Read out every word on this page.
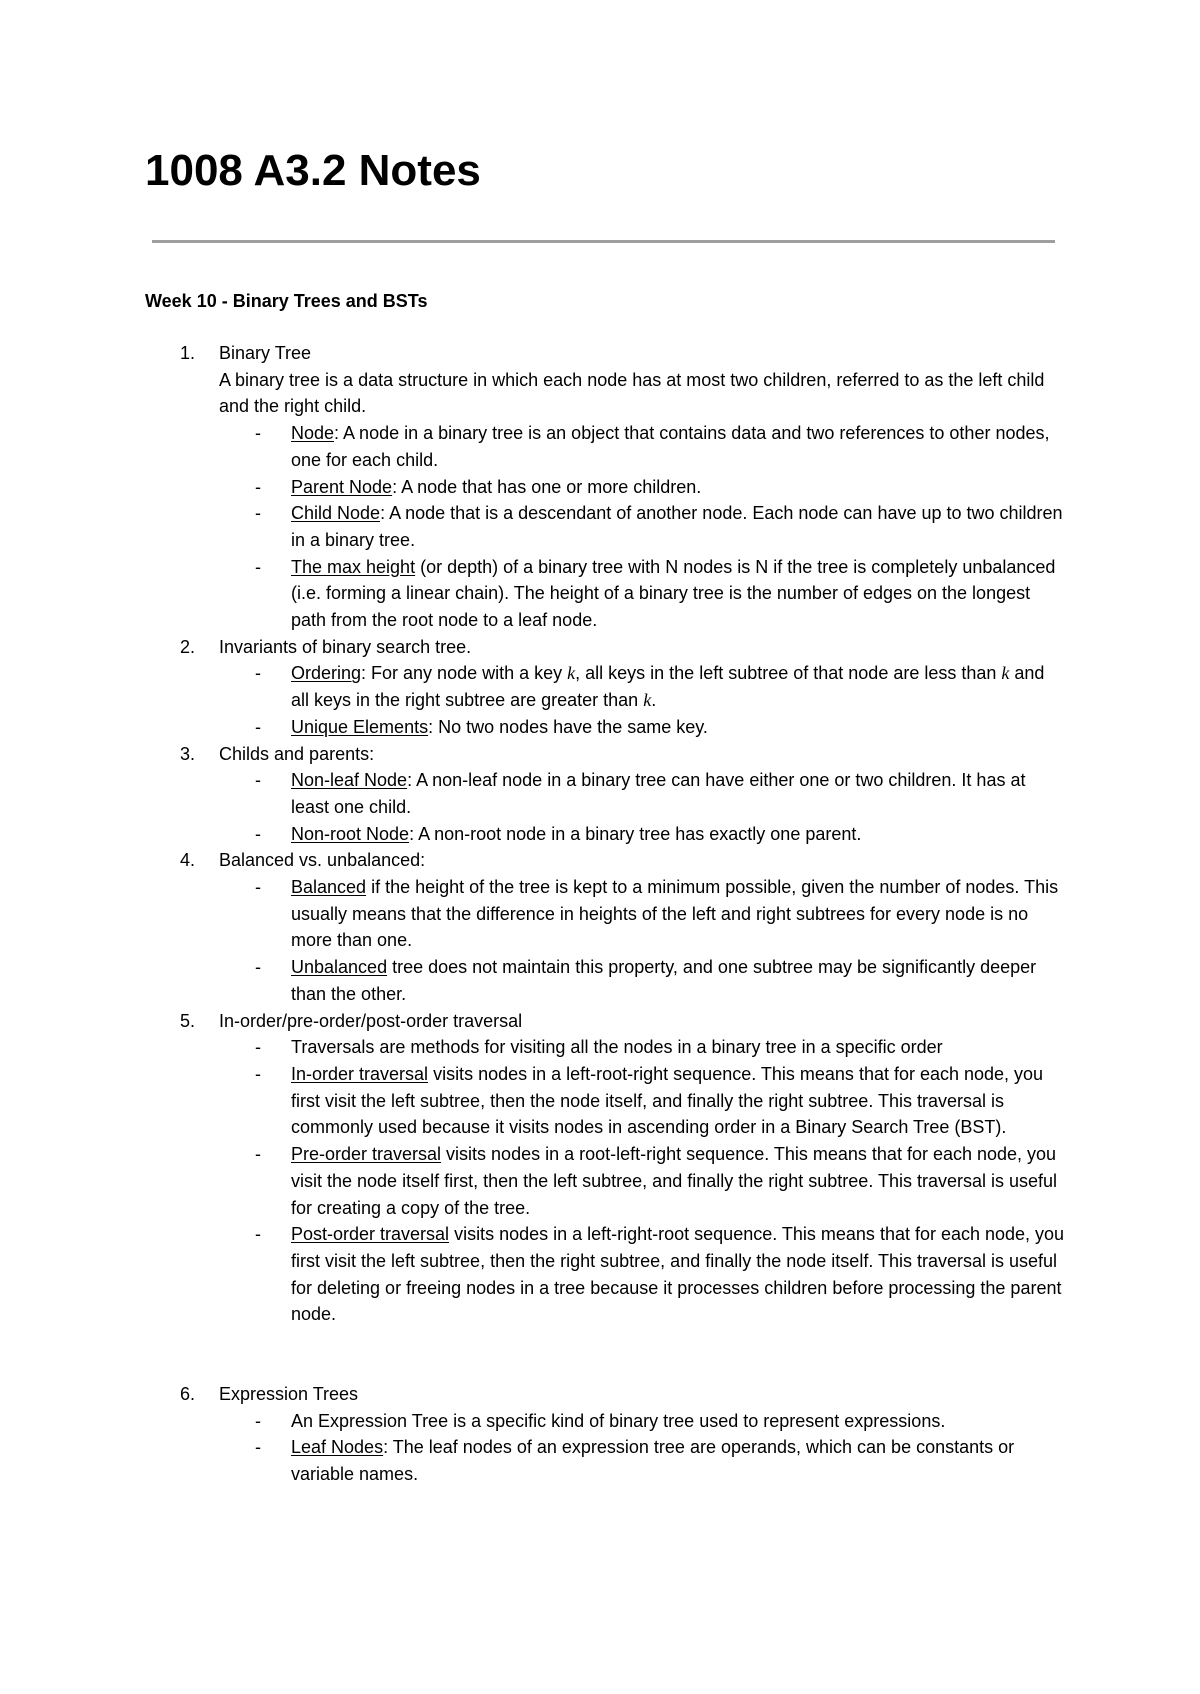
1008 A3.2 Notes
Week 10 - Binary Trees and BSTs
1. Binary Tree
A binary tree is a data structure in which each node has at most two children, referred to as the left child and the right child.
- Node: A node in a binary tree is an object that contains data and two references to other nodes, one for each child.
- Parent Node: A node that has one or more children.
- Child Node: A node that is a descendant of another node. Each node can have up to two children in a binary tree.
- The max height (or depth) of a binary tree with N nodes is N if the tree is completely unbalanced (i.e. forming a linear chain). The height of a binary tree is the number of edges on the longest path from the root node to a leaf node.
2. Invariants of binary search tree.
- Ordering: For any node with a key k, all keys in the left subtree of that node are less than k and all keys in the right subtree are greater than k.
- Unique Elements: No two nodes have the same key.
3. Childs and parents:
- Non-leaf Node: A non-leaf node in a binary tree can have either one or two children. It has at least one child.
- Non-root Node: A non-root node in a binary tree has exactly one parent.
4. Balanced vs. unbalanced:
- Balanced if the height of the tree is kept to a minimum possible, given the number of nodes. This usually means that the difference in heights of the left and right subtrees for every node is no more than one.
- Unbalanced tree does not maintain this property, and one subtree may be significantly deeper than the other.
5. In-order/pre-order/post-order traversal
- Traversals are methods for visiting all the nodes in a binary tree in a specific order
- In-order traversal visits nodes in a left-root-right sequence. This means that for each node, you first visit the left subtree, then the node itself, and finally the right subtree. This traversal is commonly used because it visits nodes in ascending order in a Binary Search Tree (BST).
- Pre-order traversal visits nodes in a root-left-right sequence. This means that for each node, you visit the node itself first, then the left subtree, and finally the right subtree. This traversal is useful for creating a copy of the tree.
- Post-order traversal visits nodes in a left-right-root sequence. This means that for each node, you first visit the left subtree, then the right subtree, and finally the node itself. This traversal is useful for deleting or freeing nodes in a tree because it processes children before processing the parent node.
6. Expression Trees
- An Expression Tree is a specific kind of binary tree used to represent expressions.
- Leaf Nodes: The leaf nodes of an expression tree are operands, which can be constants or variable names.
